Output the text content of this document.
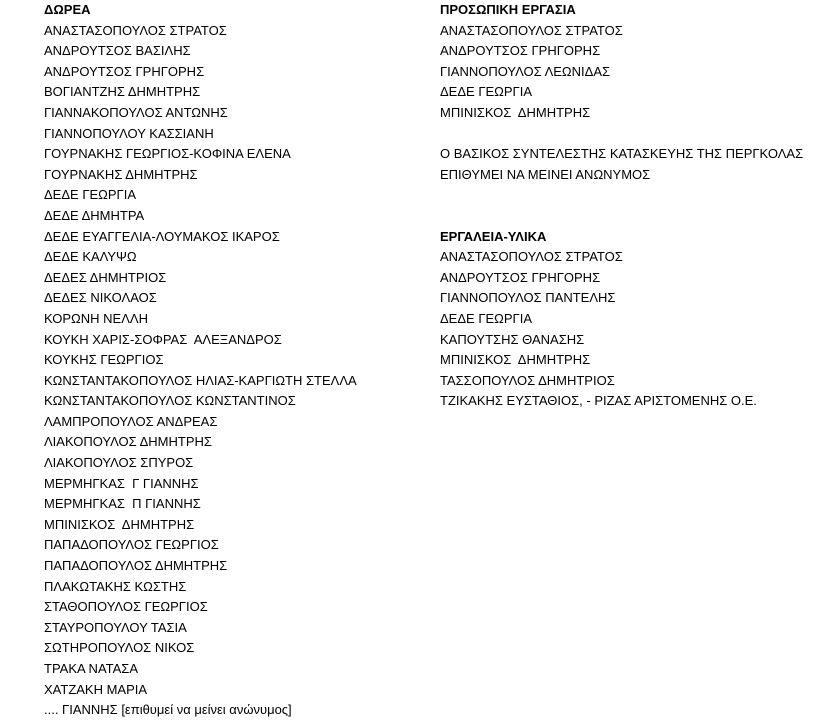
ΔΩΡΕΑ
ΑΝΑΣΤΑΣΟΠΟΥΛΟΣ ΣΤΡΑΤΟΣ
ΑΝΔΡΟΥΤΣΟΣ ΒΑΣΙΛΗΣ
ΑΝΔΡΟΥΤΣΟΣ ΓΡΗΓΟΡΗΣ
ΒΟΓΙΑΝΤΖΗΣ ΔΗΜΗΤΡΗΣ
ΓΙΑΝΝΑΚΟΠΟΥΛΟΣ ΑΝΤΩΝΗΣ
ΓΙΑΝΝΟΠΟΥΛΟΥ ΚΑΣΣΙΑΝΗ
ΓΟΥΡΝΑΚΗΣ ΓΕΩΡΓΙΟΣ-ΚΟΦΙΝΑ ΕΛΕΝΑ
ΓΟΥΡΝΑΚΗΣ ΔΗΜΗΤΡΗΣ
ΔΕΔΕ ΓΕΩΡΓΙΑ
ΔΕΔΕ ΔΗΜΗΤΡΑ
ΔΕΔΕ ΕΥΑΓΓΕΛΙΑ-ΛΟΥΜΑΚΟΣ ΙΚΑΡΟΣ
ΔΕΔΕ ΚΑΛΥΨΩ
ΔΕΔΕΣ ΔΗΜΗΤΡΙΟΣ
ΔΕΔΕΣ ΝΙΚΟΛΑΟΣ
ΚΟΡΩΝΗ ΝΕΛΛΗ
ΚΟΥΚΗ ΧΑΡΙΣ-ΣΟΦΡΑΣ  ΑΛΕΞΑΝΔΡΟΣ
ΚΟΥΚΗΣ ΓΕΩΡΓΙΟΣ
ΚΩΝΣΤΑΝΤΑΚΟΠΟΥΛΟΣ ΗΛΙΑΣ-ΚΑΡΓΙΩΤΗ ΣΤΕΛΛΑ
ΚΩΝΣΤΑΝΤΑΚΟΠΟΥΛΟΣ ΚΩΝΣΤΑΝΤΙΝΟΣ
ΛΑΜΠΡΟΠΟΥΛΟΣ ΑΝΔΡΕΑΣ
ΛΙΑΚΟΠΟΥΛΟΣ ΔΗΜΗΤΡΗΣ
ΛΙΑΚΟΠΟΥΛΟΣ ΣΠΥΡΟΣ
ΜΕΡΜΗΓΚΑΣ  Γ ΓΙΑΝΝΗΣ
ΜΕΡΜΗΓΚΑΣ  Π ΓΙΑΝΝΗΣ
ΜΠΙΝΙΣΚΟΣ  ΔΗΜΗΤΡΗΣ
ΠΑΠΑΔΟΠΟΥΛΟΣ ΓΕΩΡΓΙΟΣ
ΠΑΠΑΔΟΠΟΥΛΟΣ ΔΗΜΗΤΡΗΣ
ΠΛΑΚΩΤΑΚΗΣ ΚΩΣΤΗΣ
ΣΤΑΘΟΠΟΥΛΟΣ ΓΕΩΡΓΙΟΣ
ΣΤΑΥΡΟΠΟΥΛΟΥ ΤΑΣΙΑ
ΣΩΤΗΡΟΠΟΥΛΟΣ ΝΙΚΟΣ
ΤΡΑΚΑ ΝΑΤΑΣΑ
ΧΑΤΖΑΚΗ ΜΑΡΙΑ
.... ΓΙΑΝΝΗΣ [επιθυμεί να μείνει ανώνυμος]
ΠΡΟΣΩΠΙΚΗ ΕΡΓΑΣΙΑ
ΑΝΑΣΤΑΣΟΠΟΥΛΟΣ ΣΤΡΑΤΟΣ
ΑΝΔΡΟΥΤΣΟΣ ΓΡΗΓΟΡΗΣ
ΓΙΑΝΝΟΠΟΥΛΟΣ ΛΕΩΝΙΔΑΣ
ΔΕΔΕ ΓΕΩΡΓΙΑ
ΜΠΙΝΙΣΚΟΣ  ΔΗΜΗΤΡΗΣ
Ο ΒΑΣΙΚΟΣ ΣΥΝΤΕΛΕΣΤΗΣ ΚΑΤΑΣΚΕΥΗΣ ΤΗΣ ΠΕΡΓΚΟΛΑΣ
ΕΠΙΘΥΜΕΙ ΝΑ ΜΕΙΝΕΙ ΑΝΩΝΥΜΟΣ
ΕΡΓΑΛΕΙΑ-ΥΛΙΚΑ
ΑΝΑΣΤΑΣΟΠΟΥΛΟΣ ΣΤΡΑΤΟΣ
ΑΝΔΡΟΥΤΣΟΣ ΓΡΗΓΟΡΗΣ
ΓΙΑΝΝΟΠΟΥΛΟΣ ΠΑΝΤΕΛΗΣ
ΔΕΔΕ ΓΕΩΡΓΙΑ
ΚΑΠΟΥΤΣΗΣ ΘΑΝΑΣΗΣ
ΜΠΙΝΙΣΚΟΣ  ΔΗΜΗΤΡΗΣ
ΤΑΣΣΟΠΟΥΛΟΣ ΔΗΜΗΤΡΙΟΣ
ΤΖΙΚΑΚΗΣ ΕΥΣΤΑΘΙΟΣ, - ΡΙΖΑΣ ΑΡΙΣΤΟΜΕΝΗΣ Ο.Ε.
